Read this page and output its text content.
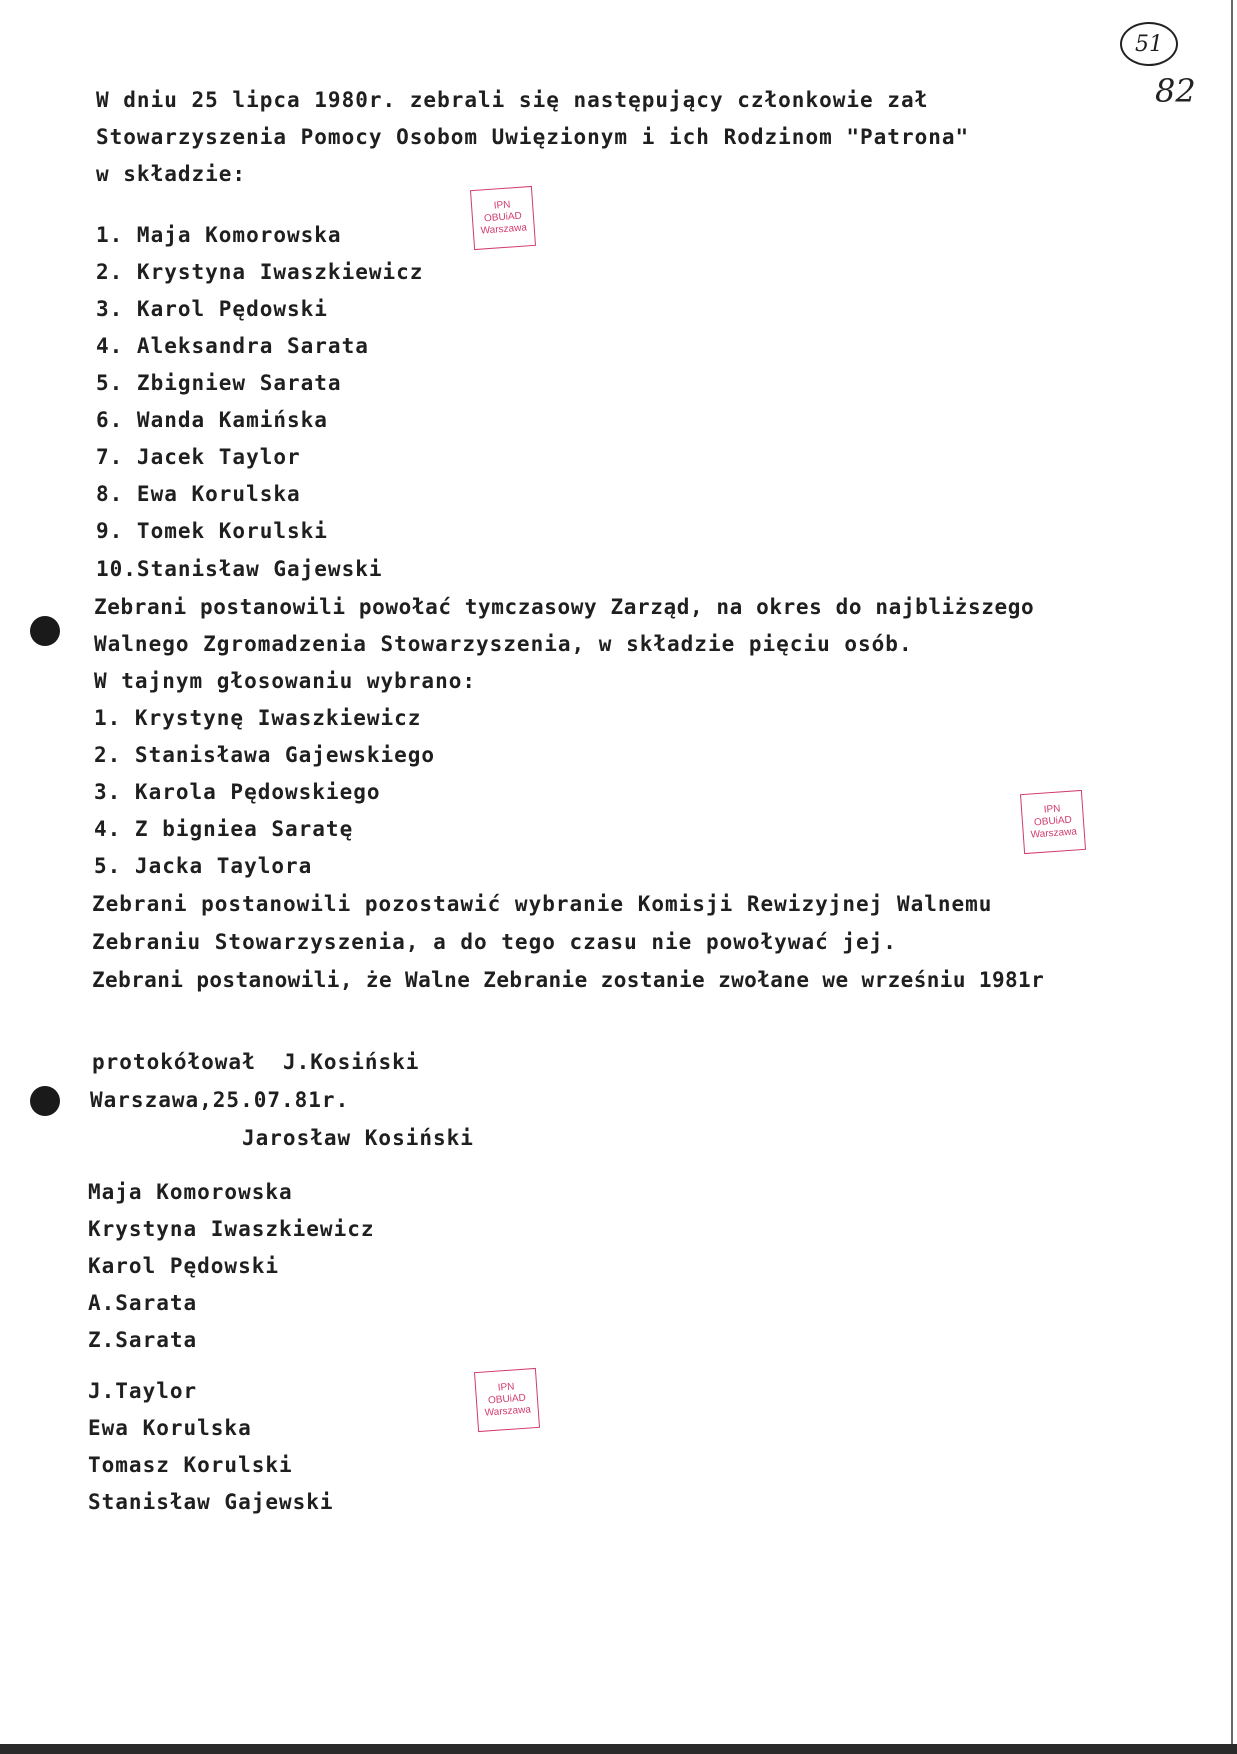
51
82
W dniu 25 lipca 1980r. zebrali się następujący członkowie zał
Stowarzyszenia Pomocy Osobom Uwięzionym i ich Rodzinom "Patrona"
w składzie:
1. Maja Komorowska
2. Krystyna Iwaszkiewicz
3. Karol Pędowski
4. Aleksandra Sarata
5. Zbigniew Sarata
6. Wanda Kamińska
7. Jacek Taylor
8. Ewa Korulska
9. Tomek Korulski
10.Stanisław Gajewski
Zebrani postanowili powołać tymczasowy Zarząd, na okres do najbliższego
Walnego Zgromadzenia Stowarzyszenia, w składzie pięciu osób.
W tajnym głosowaniu wybrano:
1. Krystynę Iwaszkiewicz
2. Stanisława Gajewskiego
3. Karola Pędowskiego
4. Z bigniea Saratę
5. Jacka Taylora
Zebrani postanowili pozostawić wybranie Komisji Rewizyjnej Walnemu
Zebraniu Stowarzyszenia, a do tego czasu nie powoływać jej.
Zebrani postanowili, że Walne Zebranie zostanie zwołane we wrześniu 1981r
protokółował  J.Kosiński
Warszawa,25.07.81r.
Jarosław Kosiński
Maja Komorowska
Krystyna Iwaszkiewicz
Karol Pędowski
A.Sarata
Z.Sarata
J.Taylor
Ewa Korulska
Tomasz Korulski
Stanisław Gajewski
IPN
OBUiAD
Warszawa
IPN
OBUiAD
Warszawa
IPN
OBUiAD
Warszawa
